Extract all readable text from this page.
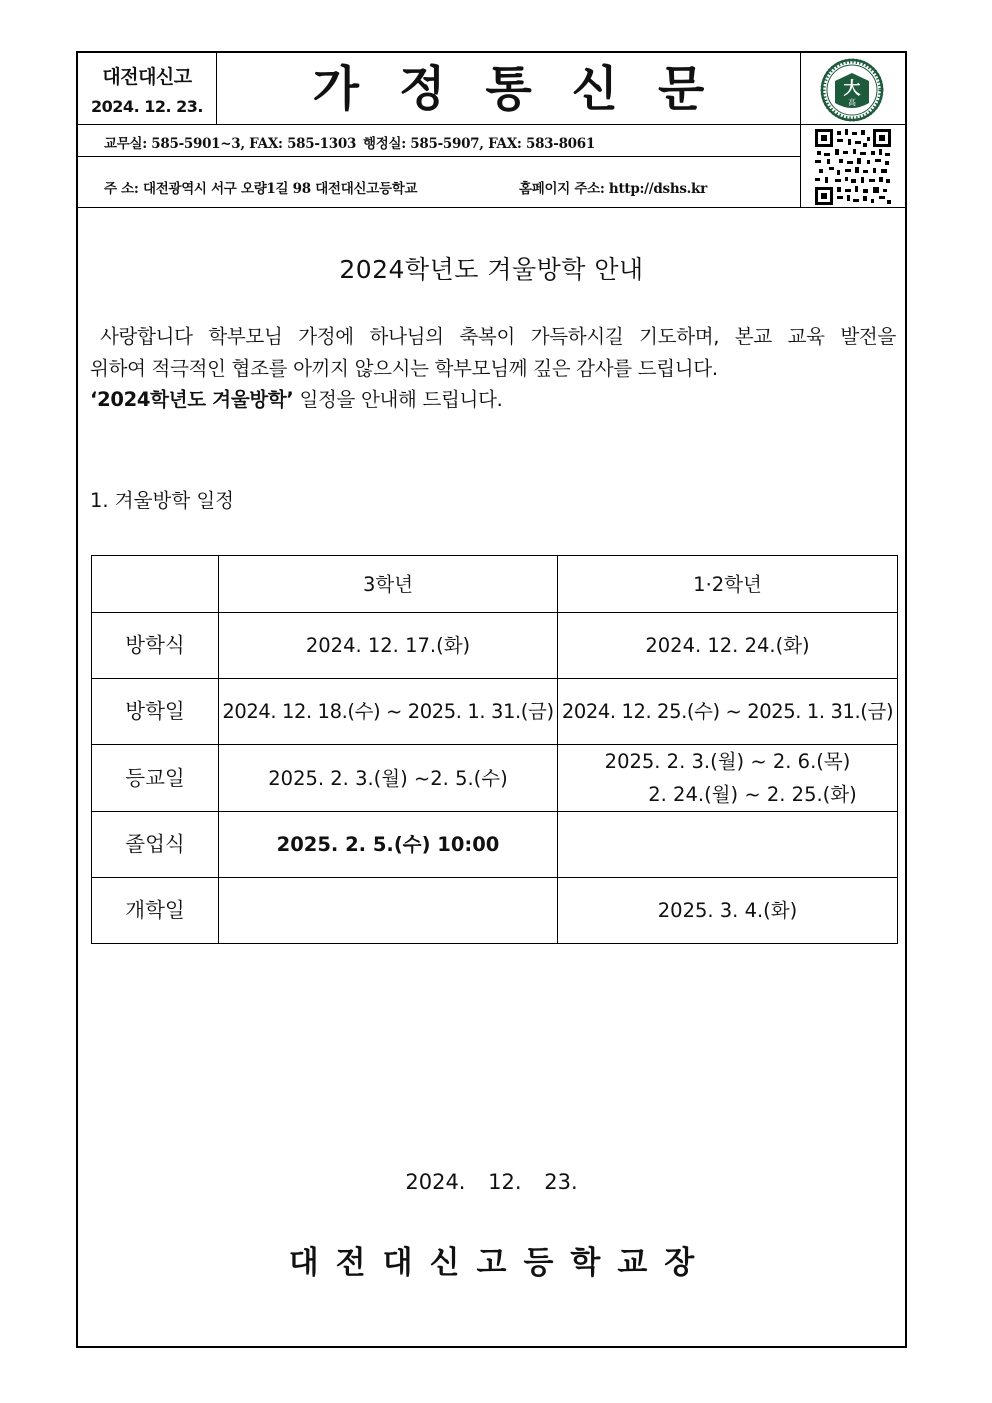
대전대신고
2024. 12. 23.	가정통신문	大
高
교무실: 585-5901~3, FAX: 585-1303 행정실: 585-5907, FAX: 583-8061
주 소: 대전광역시 서구 오량1길 98 대전대신고등학교	홈페이지 주소: http://dshs.kr
2024학년도 겨울방학 안내

사랑합니다 학부모님 가정에 하나님의 축복이 가득하시길 기도하며, 본교 교육 발전을

위하여 적극적인 협조를 아끼지 않으시는 학부모님께 깊은 감사를 드립니다.

‘2024학년도 겨울방학’ 일정을 안내해 드립니다.

1. 겨울방학 일정
	3학년	1·2학년
방학식	2024. 12. 17.(화)	2024. 12. 24.(화)
방학일	2024. 12. 18.(수) ~ 2025. 1. 31.(금)	2024. 12. 25.(수) ~ 2025. 1. 31.(금)
등교일	2025. 2. 3.(월) ~2. 5.(수)	2025. 2. 3.(월) ~ 2. 6.(목)
2. 24.(월) ~ 2. 25.(화)

졸업식	2025. 2. 5.(수) 10:00	
개학일		2025. 3. 4.(화)
2024. 12. 23.
대전대신고등학교장
